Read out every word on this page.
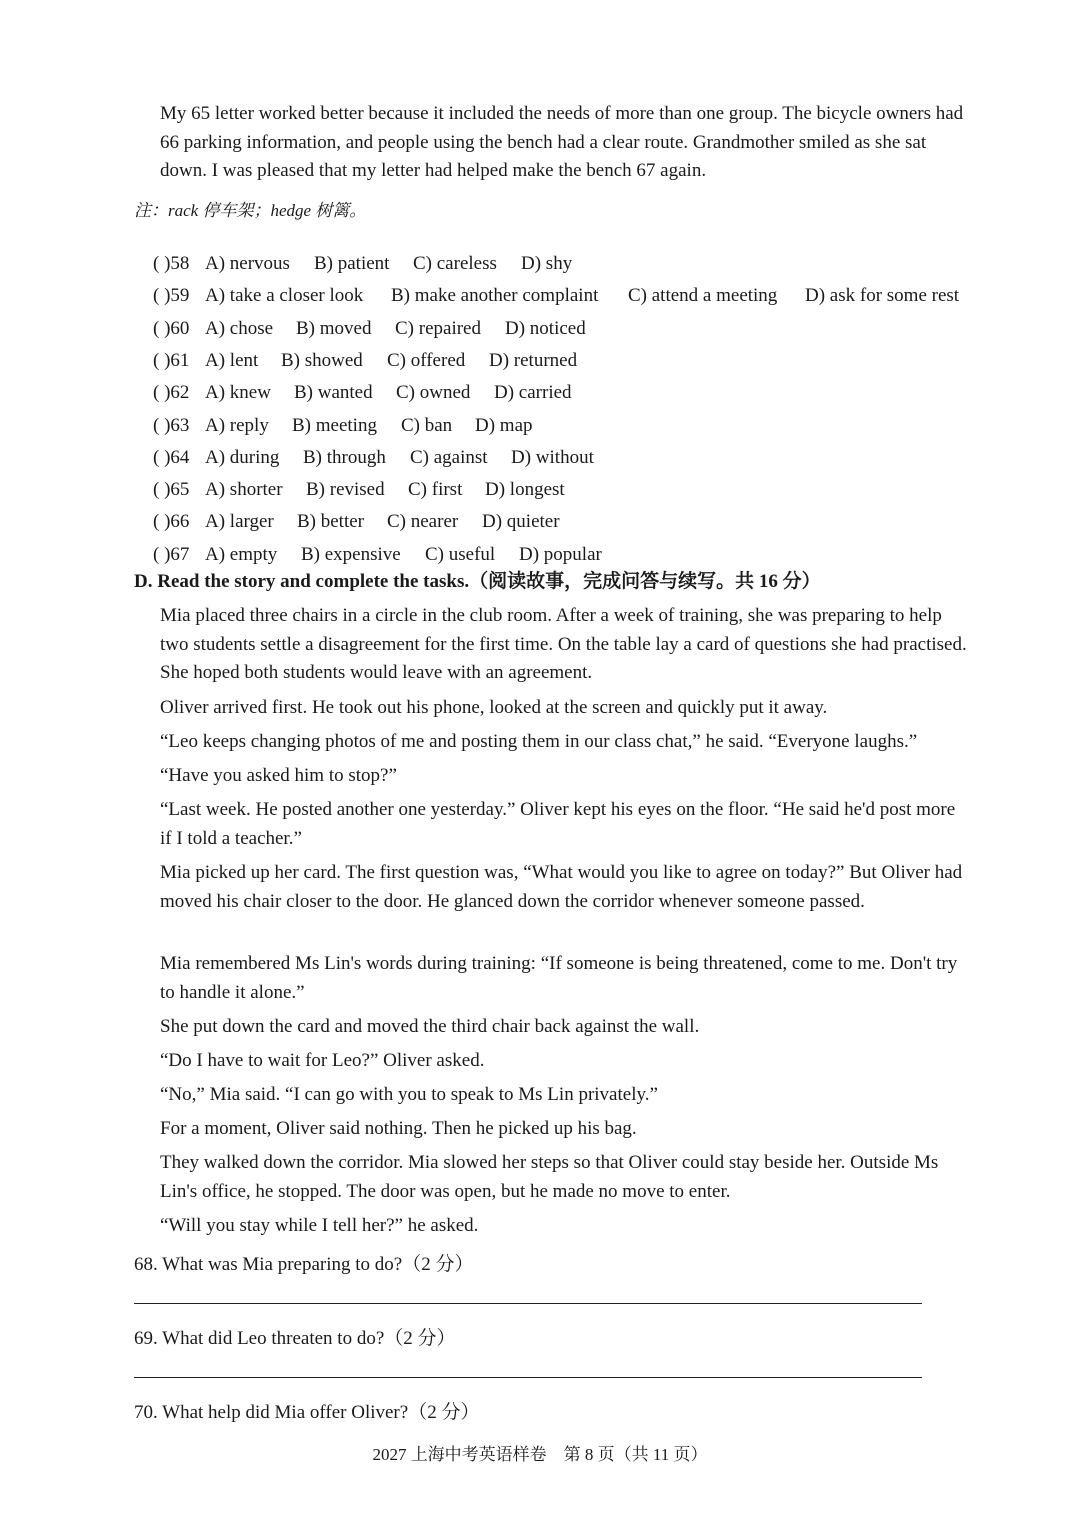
My 65 letter worked better because it included the needs of more than one group. The bicycle owners had 66 parking information, and people using the bench had a clear route. Grandmother smiled as she sat down. I was pleased that my letter had helped make the bench 67 again.

注：rack 停车架；hedge 树篱。

( )58 A) nervous B) patient C) careless D) shy

( )59 A) take a closer look B) make another complaint C) attend a meeting D) ask for some rest

( )60 A) chose B) moved C) repaired D) noticed

( )61 A) lent B) showed C) offered D) returned

( )62 A) knew B) wanted C) owned D) carried

( )63 A) reply B) meeting C) ban D) map

( )64 A) during B) through C) against D) without

( )65 A) shorter B) revised C) first D) longest

( )66 A) larger B) better C) nearer D) quieter

( )67 A) empty B) expensive C) useful D) popular

D. Read the story and complete the tasks.（阅读故事，完成问答与续写。共 16 分）

Mia placed three chairs in a circle in the club room. After a week of training, she was preparing to help two students settle a disagreement for the first time. On the table lay a card of questions she had practised. She hoped both students would leave with an agreement.

Oliver arrived first. He took out his phone, looked at the screen and quickly put it away.

“Leo keeps changing photos of me and posting them in our class chat,” he said. “Everyone laughs.”

“Have you asked him to stop?”

“Last week. He posted another one yesterday.” Oliver kept his eyes on the floor. “He said he'd post more if I told a teacher.”

Mia picked up her card. The first question was, “What would you like to agree on today?” But Oliver had moved his chair closer to the door. He glanced down the corridor whenever someone passed.

Mia remembered Ms Lin's words during training: “If someone is being threatened, come to me. Don't try to handle it alone.”

She put down the card and moved the third chair back against the wall.

“Do I have to wait for Leo?” Oliver asked.

“No,” Mia said. “I can go with you to speak to Ms Lin privately.”

For a moment, Oliver said nothing. Then he picked up his bag.

They walked down the corridor. Mia slowed her steps so that Oliver could stay beside her. Outside Ms Lin's office, he stopped. The door was open, but he made no move to enter.

“Will you stay while I tell her?” he asked.

68. What was Mia preparing to do?（2 分）
69. What did Leo threaten to do?（2 分）
70. What help did Mia offer Oliver?（2 分）
2027 上海中考英语样卷　第 8 页（共 11 页）
